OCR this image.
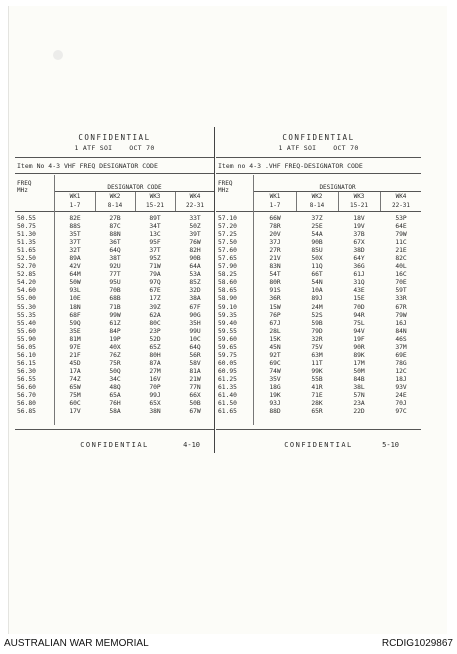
CONFIDENTIAL
1 ATF SOI	OCT 70
Item No 4-3 VHF FREQ DESIGNATOR CODE
FREQ
MHz	DESIGNATOR CODE
WK1
1-7
WK2
8-14
WK3
15-21
WK4
22-31
50.55	82E	27B	89T	33T
50.75	88S	87C	34T	50Z
51.30	35T	88N	13C	39T
51.35	37T	36T	95F	76W
51.65	32T	64Q	37T	82H
52.50	89A	38T	95Z	90B
52.70	42V	92U	71W	64A
52.85	64M	77T	79A	53A
54.20	50W	95U	97Q	85Z
54.60	93L	70B	67E	32D
55.00	10E	68B	17Z	38A
55.30	18N	71B	39Z	67F
55.35	68F	99W	62A	90G
55.40	59Q	61Z	80C	35H
55.60	35E	84P	23P	99U
55.90	81M	19P	52D	10C
56.05	97E	40X	65Z	64Q
56.10	21F	76Z	80H	56R
56.15	45D	75R	87A	58V
56.30	17A	50Q	27M	81A
56.55	74Z	34C	16V	21W
56.60	65W	48Q	70P	77N
56.70	75M	65A	99J	66X
56.80	60C	76H	65X	50B
56.85	17V	58A	38N	67W
CONFIDENTIAL	4-10
CONFIDENTIAL
1 ATF SOI	OCT 70
Item no 4-3 .VHF FREQ-DESIGNATOR CODE
FREQ
MHz	DESIGNATOR
WK1
1-7
WK2
8-14
WK3
15-21
WK4
22-31
57.10	66W	37Z	18V	53P
57.20	78R	25E	19V	64E
57.25	20V	54A	37B	79W
57.50	37J	90B	67X	11C
57.60	27R	85U	38D	21E
57.65	21V	50X	64Y	82C
57.90	83N	11Q	36G	40L
58.25	54T	66T	61J	16C
58.60	80R	54N	31Q	70E
58.65	91S	10A	43E	59T
58.90	36R	89J	15E	33R
59.10	15W	24M	70D	67R
59.35	76P	52S	94R	79W
59.40	67J	59B	75L	16J
59.55	28L	79D	94V	84N
59.60	15K	32R	19F	46S
59.65	45N	75V	90R	37M
59.75	92T	63M	89K	69E
60.05	69C	11T	17M	78G
60.95	74W	99K	50M	12C
61.25	35V	55B	84B	18J
61.35	18G	41R	38L	93V
61.40	19K	71E	57N	24E
61.50	93J	28K	23A	70J
61.65	88D	65R	22D	97C
CONFIDENTIAL	5-10
AUSTRALIAN WAR MEMORIAL	RCDIG1029867
